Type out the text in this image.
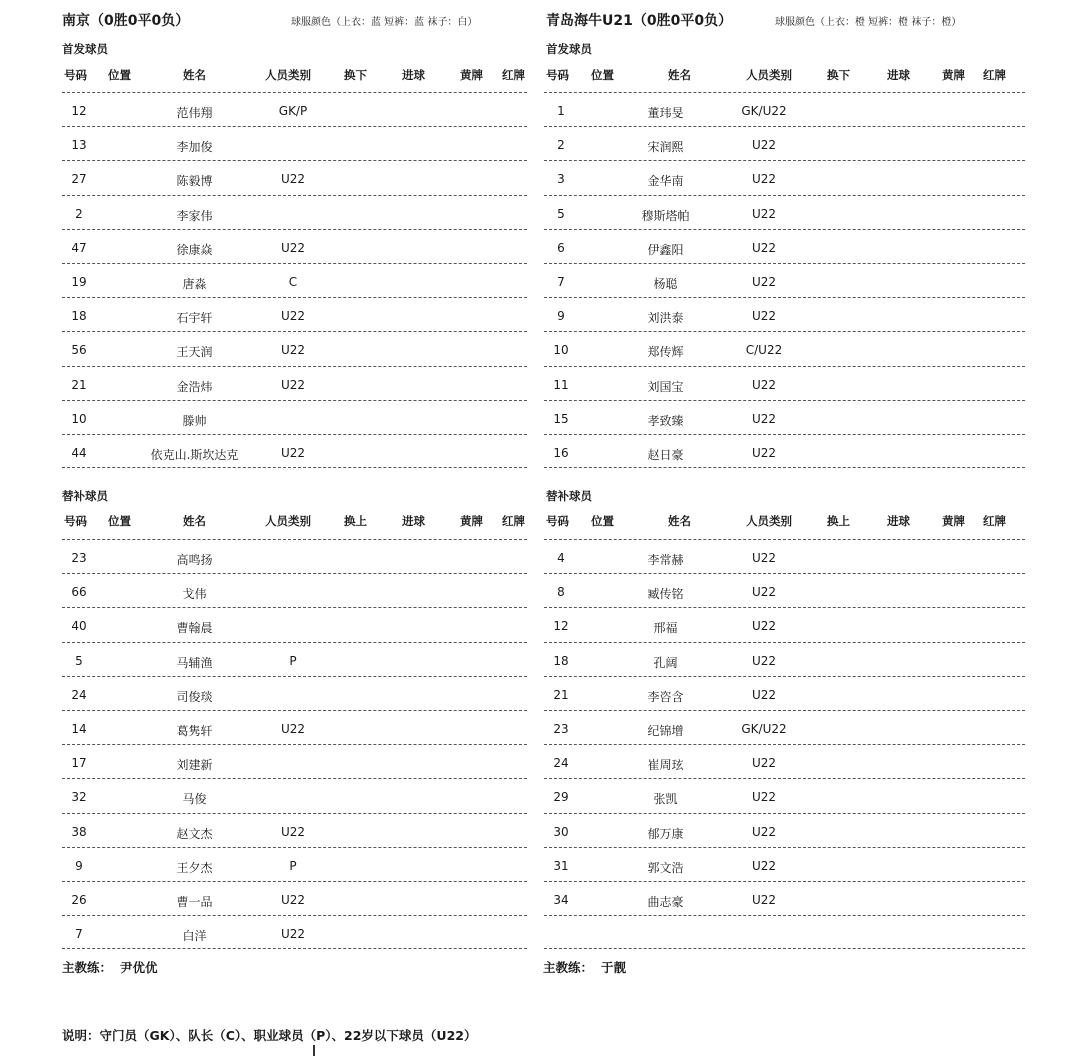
南京（0胜0平0负）	球服颜色（上衣：蓝 短裤：蓝 袜子：白）
首发球员
号码 位置	姓名	人员类别	换下	进球	黄牌 红牌
12	范伟翔	GK/P
13	李加俊
27	陈毅博	U22
2	李家伟
47	徐康焱	U22
19	唐淼	C
18	石宇轩	U22
56	王天润	U22
21	金浩炜	U22
10	滕帅
44	依克山.斯坎达克	U22
替补球员
号码 位置	姓名	人员类别	换上	进球	黄牌 红牌
23	高鸣扬
66	戈伟
40	曹翰晨
5	马辅渔	P
24	司俊琰
14	葛隽轩	U22
17	刘建新
32	马俊
38	赵文杰	U22
9	王夕杰	P
26	曹一品	U22
7	白洋	U22
主教练： 尹优优
青岛海牛U21（0胜0平0负）	球服颜色（上衣：橙 短裤：橙 袜子：橙）
首发球员
号码 位置	姓名	人员类别	换下	进球	黄牌 红牌
1	董玮旻	GK/U22
2	宋润熙	U22
3	金华南	U22
5	穆斯塔帕	U22
6	伊鑫阳	U22
7	杨聪	U22
9	刘洪泰	U22
10	郑传辉	C/U22
11	刘国宝	U22
15	孝致臻	U22
16	赵日豪	U22
替补球员
号码 位置	姓名	人员类别	换上	进球	黄牌 红牌
4	李常赫	U22
8	臧传铭	U22
12	邢福	U22
18	孔阔	U22
21	李咨含	U22
23	纪锦增	GK/U22
24	崔周玹	U22
29	张凯	U22
30	郁万康	U22
31	郭文浩	U22
34	曲志豪	U22
主教练： 于靓
说明：守门员（GK）、队长（C）、职业球员（P）、22岁以下球员（U22）
